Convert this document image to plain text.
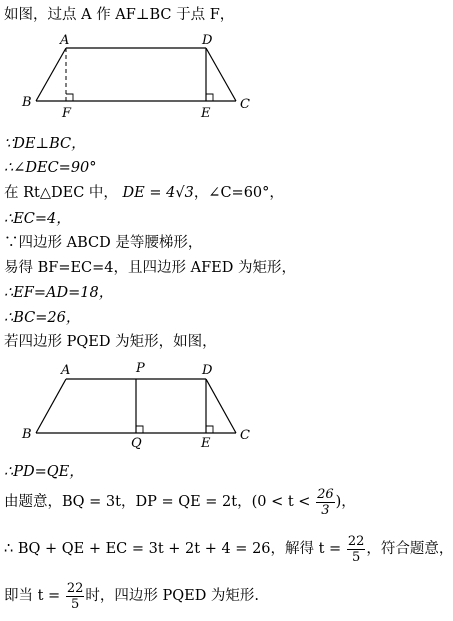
如图，过点 A 作 AF⊥BC 于点 F，
A	D
B	C
F	E
∵DE⊥BC，
∴∠DEC=90°
在 Rt△DEC 中， DE = 4√3，∠C=60°，
∴EC=4，
∵四边形 ABCD 是等腰梯形，
易得 BF=EC=4，且四边形 AFED 为矩形，
∴EF=AD=18，
∴BC=26，
若四边形 PQED 为矩形，如图，
A	P	D
B
Q	E
C
∴PD=QE，
由题意，BQ = 3t，DP = QE = 2t，($0 < t < \frac{26}{3}$ )，
∴ BQ + QE + EC = 3t + 2t + 4 = 26，解得 $t = \frac{22}{5}$ ，符合题意，
即当 $t = \frac{22}{5}$ 时，四边形 PQED 为矩形.
